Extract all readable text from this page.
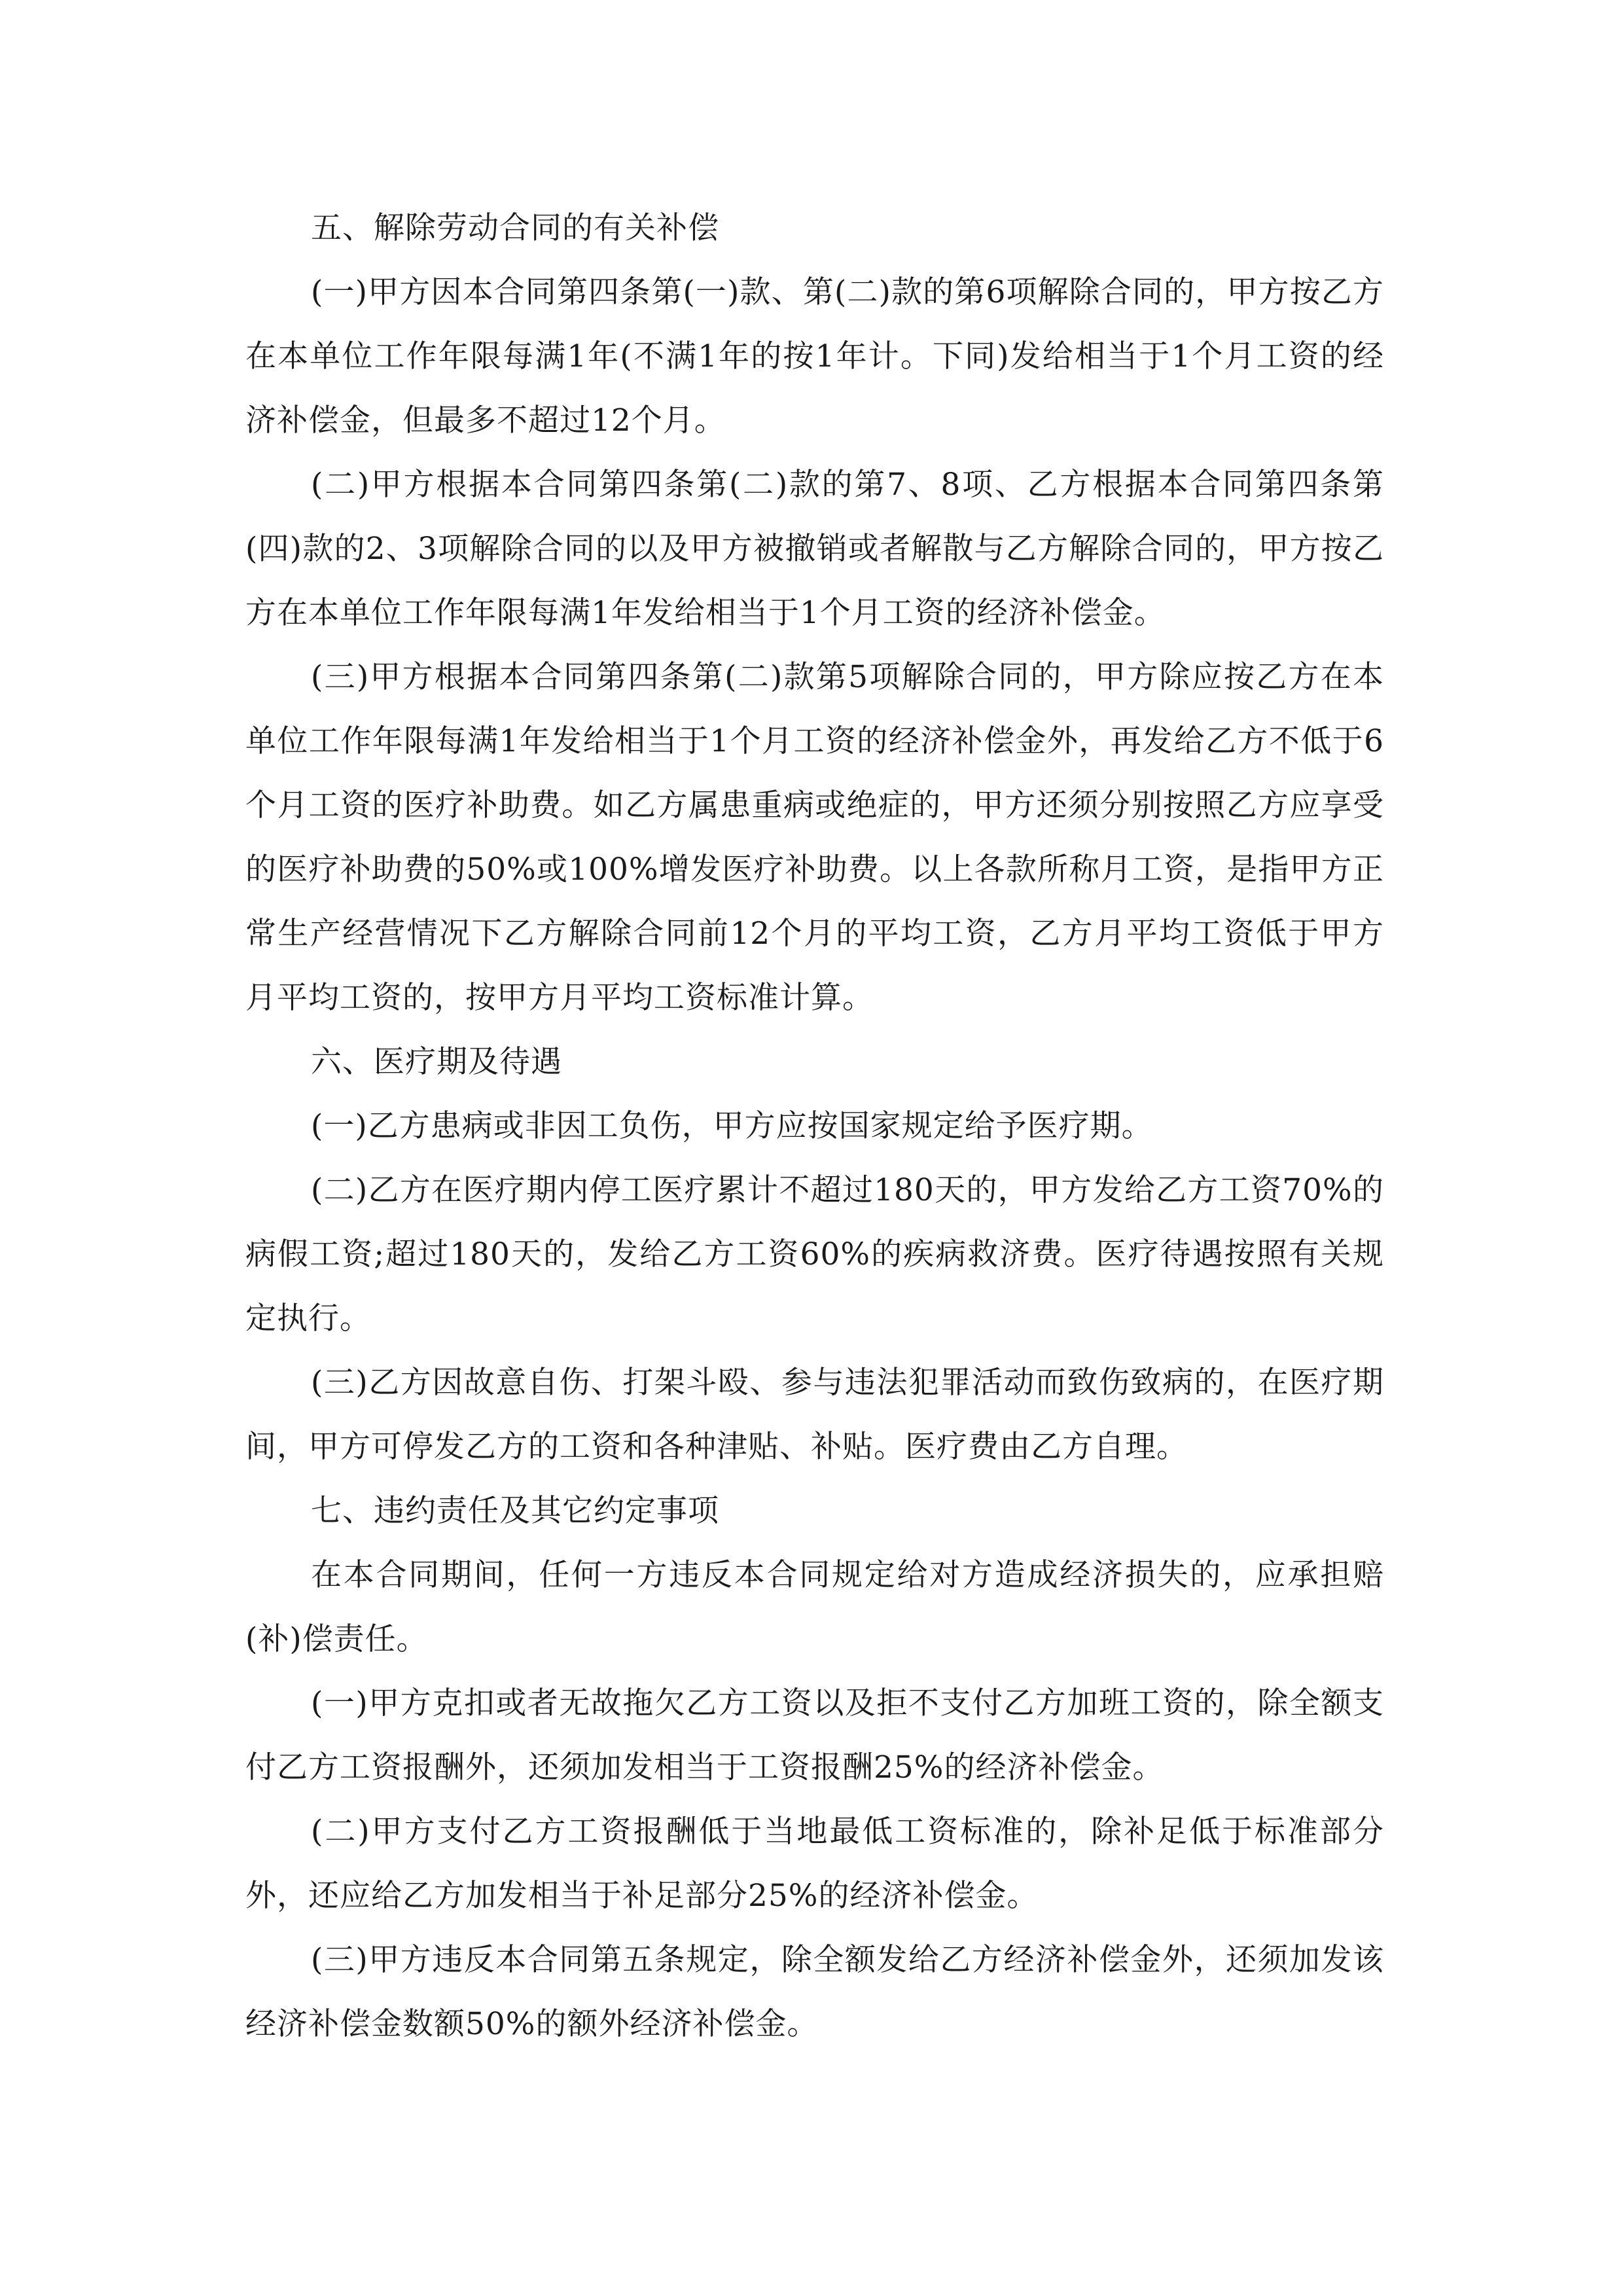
五、解除劳动合同的有关补偿

(一)甲方因本合同第四条第(一)款、第(二)款的第6项解除合同的，甲方按乙方在本单位工作年限每满1年(不满1年的按1年计。下同)发给相当于1个月工资的经济补偿金，但最多不超过12个月。

(二)甲方根据本合同第四条第(二)款的第7、8项、乙方根据本合同第四条第(四)款的2、3项解除合同的以及甲方被撤销或者解散与乙方解除合同的，甲方按乙方在本单位工作年限每满1年发给相当于1个月工资的经济补偿金。

(三)甲方根据本合同第四条第(二)款第5项解除合同的，甲方除应按乙方在本单位工作年限每满1年发给相当于1个月工资的经济补偿金外，再发给乙方不低于6个月工资的医疗补助费。如乙方属患重病或绝症的，甲方还须分别按照乙方应享受的医疗补助费的50%或100%增发医疗补助费。以上各款所称月工资，是指甲方正常生产经营情况下乙方解除合同前12个月的平均工资，乙方月平均工资低于甲方月平均工资的，按甲方月平均工资标准计算。

六、医疗期及待遇

(一)乙方患病或非因工负伤，甲方应按国家规定给予医疗期。

(二)乙方在医疗期内停工医疗累计不超过180天的，甲方发给乙方工资70%的病假工资;超过180天的，发给乙方工资60%的疾病救济费。医疗待遇按照有关规定执行。

(三)乙方因故意自伤、打架斗殴、参与违法犯罪活动而致伤致病的，在医疗期间，甲方可停发乙方的工资和各种津贴、补贴。医疗费由乙方自理。

七、违约责任及其它约定事项

在本合同期间，任何一方违反本合同规定给对方造成经济损失的，应承担赔(补)偿责任。

(一)甲方克扣或者无故拖欠乙方工资以及拒不支付乙方加班工资的，除全额支付乙方工资报酬外，还须加发相当于工资报酬25%的经济补偿金。

(二)甲方支付乙方工资报酬低于当地最低工资标准的，除补足低于标准部分外，还应给乙方加发相当于补足部分25%的经济补偿金。

(三)甲方违反本合同第五条规定，除全额发给乙方经济补偿金外，还须加发该经济补偿金数额50%的额外经济补偿金。
